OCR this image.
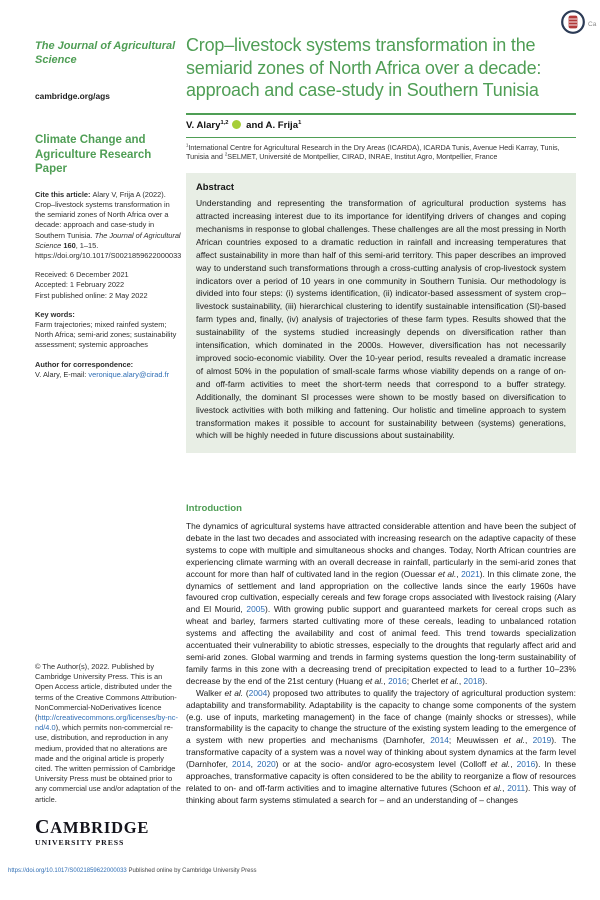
Ca
The Journal of Agricultural Science
cambridge.org/ags
Climate Change and Agriculture Research Paper
Cite this article: Alary V, Frija A (2022). Crop–livestock systems transformation in the semiarid zones of North Africa over a decade: approach and case-study in Southern Tunisia. The Journal of Agricultural Science 160, 1–15. https://doi.org/10.1017/S0021859622000033
Received: 6 December 2021
Accepted: 1 February 2022
First published online: 2 May 2022
Key words:
Farm trajectories; mixed rainfed system; North Africa; semi-arid zones; sustainability assessment; systemic approaches
Author for correspondence:
V. Alary, E-mail: veronique.alary@cirad.fr
© The Author(s), 2022. Published by Cambridge University Press. This is an Open Access article, distributed under the terms of the Creative Commons Attribution-NonCommercial-NoDerivatives licence (http://creativecommons.org/licenses/by-nc-nd/4.0), which permits non-commercial re-use, distribution, and reproduction in any medium, provided that no alterations are made and the original article is properly cited. The written permission of Cambridge University Press must be obtained prior to any commercial use and/or adaptation of the article.
CAMBRIDGE
UNIVERSITY PRESS
Crop–livestock systems transformation in the semiarid zones of North Africa over a decade: approach and case-study in Southern Tunisia
V. Alary$^{1,2}$ and A. Frija$^1$
$^1$International Centre for Agricultural Research in the Dry Areas (ICARDA), ICARDA Tunis, Avenue Hedi Karray, Tunis, Tunisia and $^2$SELMET, Université de Montpellier, CIRAD, INRAE, Institut Agro, Montpellier, France
Abstract
Understanding and representing the transformation of agricultural production systems has attracted increasing interest due to its importance for identifying drivers of changes and coping mechanisms in response to global challenges. These challenges are all the most pressing in North African countries exposed to a dramatic reduction in rainfall and increasing temperatures that affect sustainability in more than half of this semi-arid territory. This paper describes an improved way to understand such transformations through a cross-cutting analysis of crop-livestock system indicators over a period of 10 years in one community in Southern Tunisia. Our methodology is divided into four steps: (i) systems identification, (ii) indicator-based assessment of system crop–livestock sustainability, (iii) hierarchical clustering to identify sustainable intensification (SI)-based farm types and, finally, (iv) analysis of trajectories of these farm types. Results showed that the sustainability of the systems studied increasingly depends on diversification rather than intensification, which dominated in the 2000s. However, diversification has not necessarily improved socio-economic viability. Over the 10-year period, results revealed a dramatic increase of almost 50% in the population of small-scale farms whose viability depends on a range of on- and off-farm activities to meet the short-term needs that correspond to a buffer strategy. Additionally, the dominant SI processes were shown to be mostly based on diversification to livestock activities with both milking and fattening. Our holistic and timeline approach to system transformation makes it possible to account for sustainability between (systems) generations, which will be highly needed in future discussions about sustainability.
Introduction
The dynamics of agricultural systems have attracted considerable attention and have been the subject of debate in the last two decades and associated with increasing research on the adaptive capacity of these systems to cope with multiple and simultaneous shocks and changes. Today, North African countries are experiencing climate warming with an overall decrease in rainfall, particularly in the semi-arid zones that account for more than half of cultivated land in the region (Ouessar et al., 2021). In this climate zone, the dynamics of settlement and land appropriation on the collective lands since the early 1960s have favoured crop cultivation, especially cereals and few forage crops associated with livestock raising (Alary and El Mourid, 2005). With growing public support and guaranteed markets for cereal crops such as wheat and barley, farmers started cultivating more of these cereals, leading to unbalanced rotation systems and affecting the availability and cost of animal feed. This trend towards specialization accentuated their vulnerability to abiotic stresses, especially to the droughts that regularly affect arid and semi-arid zones. Global warming and trends in farming systems question the long-term sustainability of family farms in this zone with a decreasing trend of precipitation expected to lead to a further 10–23% decrease by the end of the 21st century (Huang et al., 2016; Cherlet et al., 2018).
Walker et al. (2004) proposed two attributes to qualify the trajectory of agricultural production system: adaptability and transformability. Adaptability is the capacity to change some components of the system (e.g. use of inputs, marketing management) in the face of change (mainly shocks or stresses), while transformability is the capacity to change the structure of the existing system leading to the emergence of a system with new properties and mechanisms (Darnhofer, 2014; Meuwissen et al., 2019). The transformative capacity of a system was a novel way of thinking about system dynamics at the farm level (Darnhofer, 2014, 2020) or at the socio- and/or agro-ecosystem level (Colloff et al., 2016). In these approaches, transformative capacity is often considered to be the ability to reorganize a flow of resources related to on- and off-farm activities and to imagine alternative futures (Schoon et al., 2011). This way of thinking about farm systems stimulated a search for – and an understanding of – changes
https://doi.org/10.1017/S0021859622000033 Published online by Cambridge University Press
